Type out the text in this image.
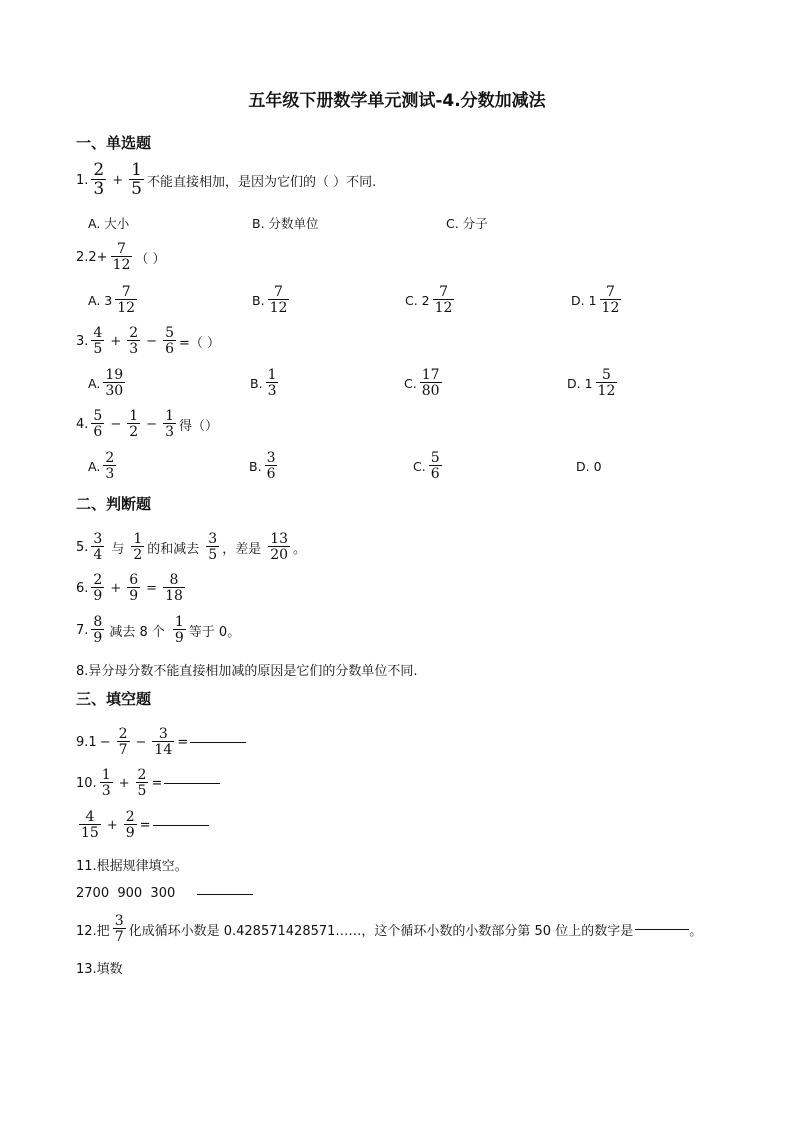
五年级下册数学单元测试-4.分数加减法
一、单选题
1. $\frac{2}{3} + \frac{1}{5}$ 不能直接相加，是因为它们的（ ）不同.
A. 大小	B. 分数单位	C. 分子
$2.2+ \frac{7}{12}$ （ ）
A. $3 \frac{7}{12}$	B. $\frac{7}{12}$	C. $2 \frac{7}{12}$	D. $1 \frac{7}{12}$
3. $\frac{4}{5} + \frac{2}{3} - \frac{5}{6}$ =（ ）
A. $\frac{19}{30}$	B. $\frac{1}{3}$	C. $\frac{17}{80}$	D. $1 \frac{5}{12}$
4. $\frac{5}{6} - \frac{1}{2} - \frac{1}{3}$ 得（）
A. $\frac{2}{3}$	B. $\frac{3}{6}$	C. $\frac{5}{6}$	D. 0
二、判断题
5. $\frac{3}{4}$ 与 $\frac{1}{2}$ 的和减去 $\frac{3}{5}$ ，差是 $\frac{13}{20}$ 。
6. $\frac{2}{9} + \frac{6}{9} = \frac{8}{18}$
7. $\frac{8}{9}$ 减去 8 个 $\frac{1}{9}$ 等于 0。
8.异分母分数不能直接相加减的原因是它们的分数单位不同.
三、填空题
$9.1 - \frac{2}{7} - \frac{3}{14}$ =
10. $\frac{1}{3} + \frac{2}{5}$ =
$\frac{4}{15} + \frac{2}{9}$ =
11.根据规律填空。
2700  900  300
12.把 $\frac{3}{7}$ 化成循环小数是 0.428571428571……，这个循环小数的小数部分第 50 位上的数字是	。
13.填数
